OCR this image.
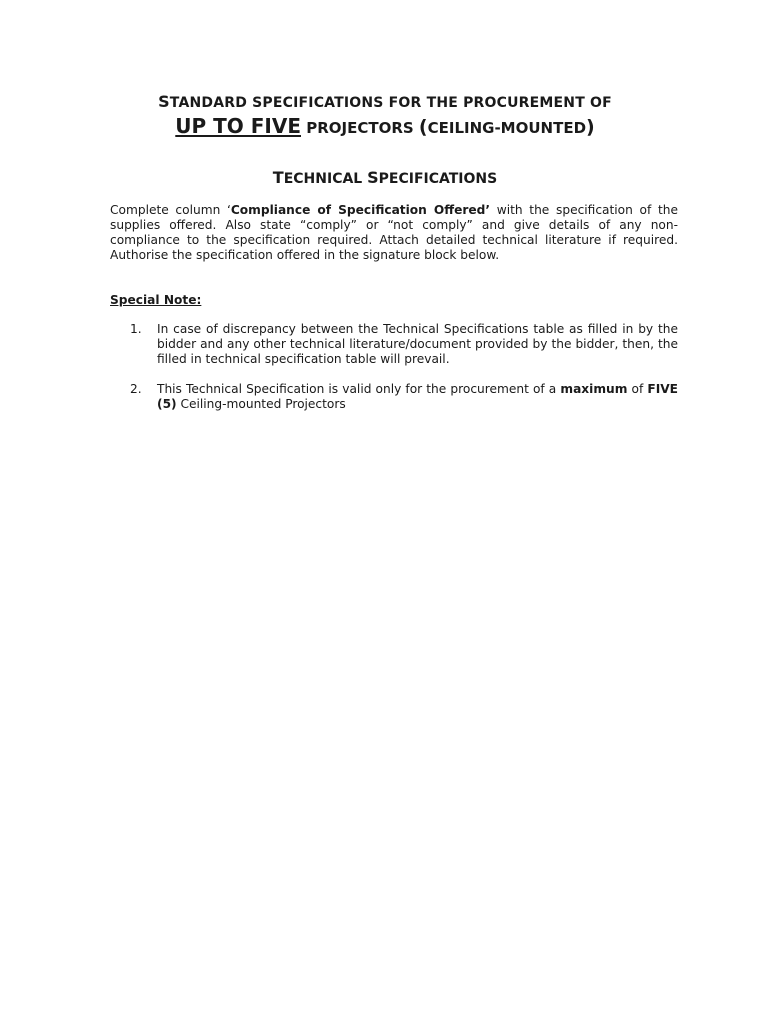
STANDARD SPECIFICATIONS FOR THE PROCUREMENT OF
UP TO FIVE PROJECTORS (CEILING-MOUNTED)
TECHNICAL SPECIFICATIONS
Complete column ‘Compliance of Specification Offered’ with the specification of the supplies offered. Also state “comply” or “not comply” and give details of any non-compliance to the specification required. Attach detailed technical literature if required. Authorise the specification offered in the signature block below.
Special Note:
1.	In case of discrepancy between the Technical Specifications table as filled in by the bidder and any other technical literature/document provided by the bidder, then, the filled in technical specification table will prevail.
2.	This Technical Specification is valid only for the procurement of a maximum of FIVE (5) Ceiling-mounted Projectors
